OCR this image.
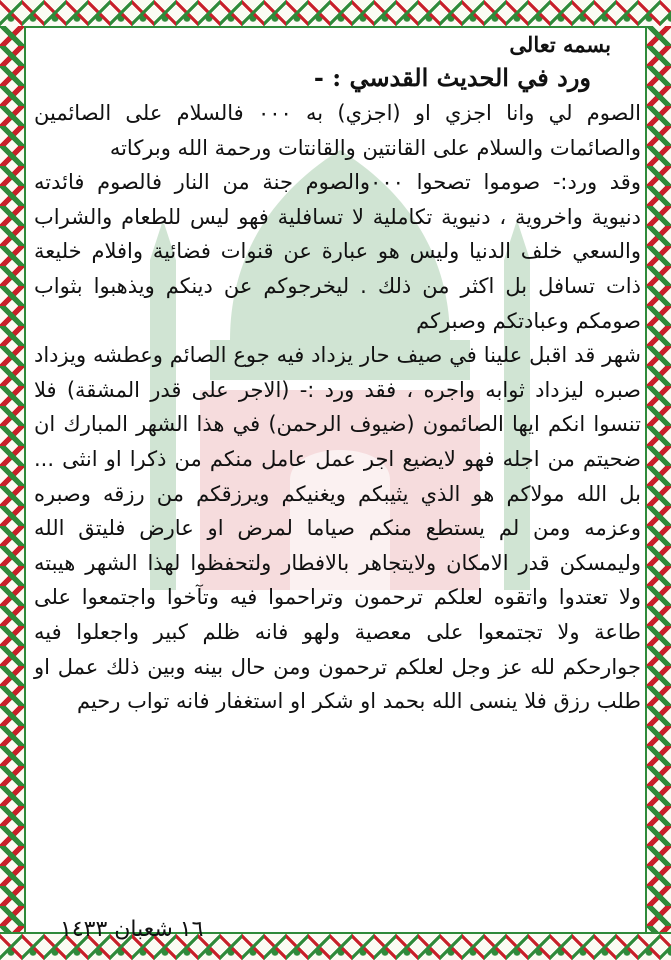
بسمه تعالى

ورد في الحديث القدسي : -

الصوم لي وانا اجزي او (اجزي) به ٠٠٠ فالسلام على الصائمين والصائمات والسلام على القانتين والقانتات ورحمة الله وبركاته

وقد ورد:- صوموا تصحوا ٠٠٠والصوم جنة من النار فالصوم فائدته دنيوية واخروية ، دنيوية تكاملية لا تسافلية فهو ليس للطعام والشراب والسعي خلف الدنيا وليس هو عبارة عن قنوات فضائية وافلام خليعة ذات تسافل بل اكثر من ذلك . ليخرجوكم عن دينكم ويذهبوا بثواب صومكم وعبادتكم وصبركم

شهر قد اقبل علينا في صيف حار يزداد فيه جوع الصائم وعطشه ويزداد صبره ليزداد ثوابه واجره ، فقد ورد :- (الاجر على قدر المشقة) فلا تنسوا انكم ايها الصائمون (ضيوف الرحمن) في هذا الشهر المبارك ان ضحيتم من اجله فهو لايضيع اجر عمل عامل منكم من ذكرا او انثى ... بل الله مولاكم هو الذي يثيبكم ويغنيكم ويرزقكم من رزقه وصبره وعزمه ومن لم يستطع منكم صياما لمرض او عارض فليتق الله وليمسكن قدر الامكان ولايتجاهر بالافطار ولتحفظوا لهذا الشهر هيبته ولا تعتدوا واتقوه لعلكم ترحمون وتراحموا فيه وتآخوا واجتمعوا على طاعة ولا تجتمعوا على معصية ولهو فانه ظلم كبير واجعلوا فيه جوارحكم لله عز وجل لعلكم ترحمون ومن حال بينه وبين ذلك عمل او طلب رزق فلا ينسى الله بحمد او شكر او استغفار فانه تواب رحيم

١٦ شعبان ١٤٣٣
